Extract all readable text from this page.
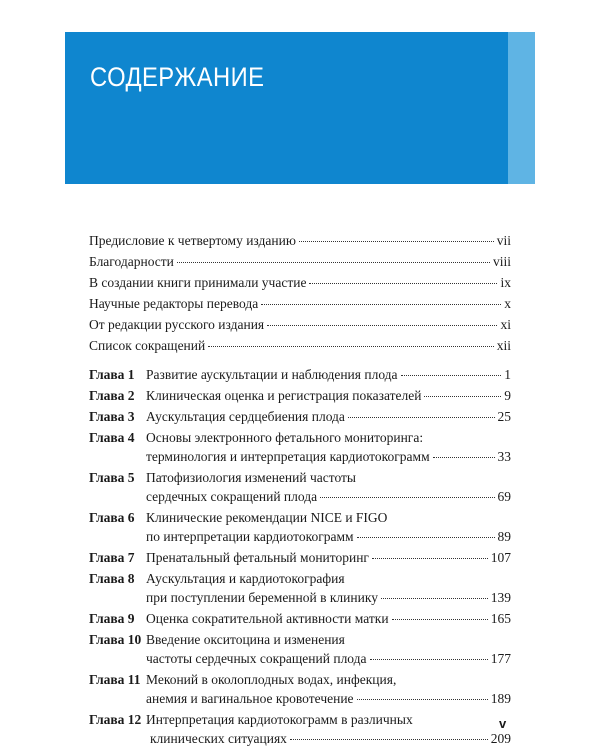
СОДЕРЖАНИЕ
Предисловие к четвертому изданию	vii
Благодарности	viii
В создании книги принимали участие	ix
Научные редакторы перевода	x
От редакции русского издания	xi
Список сокращений	xii
Глава 1 Развитие аускультации и наблюдения плода	1
Глава 2 Клиническая оценка и регистрация показателей	9
Глава 3 Аускультация сердцебиения плода	25
Глава 4 Основы электронного фетального мониторинга:
терминология и интерпретация кардиотокограмм	33
Глава 5 Патофизиология изменений частоты
сердечных сокращений плода	69
Глава 6 Клинические рекомендации NICE и FIGO
по интерпретации кардиотокограмм	89
Глава 7 Пренатальный фетальный мониторинг	107
Глава 8 Аускультация и кардиотокография
при поступлении беременной в клинику	139
Глава 9 Оценка сократительной активности матки	165
Глава 10 Введение окситоцина и изменения
частоты сердечных сокращений плода	177
Глава 11 Меконий в околоплодных водах, инфекция,
анемия и вагинальное кровотечение	189
Глава 12 Интерпретация кардиотокограмм в различных
клинических ситуациях	209
v
